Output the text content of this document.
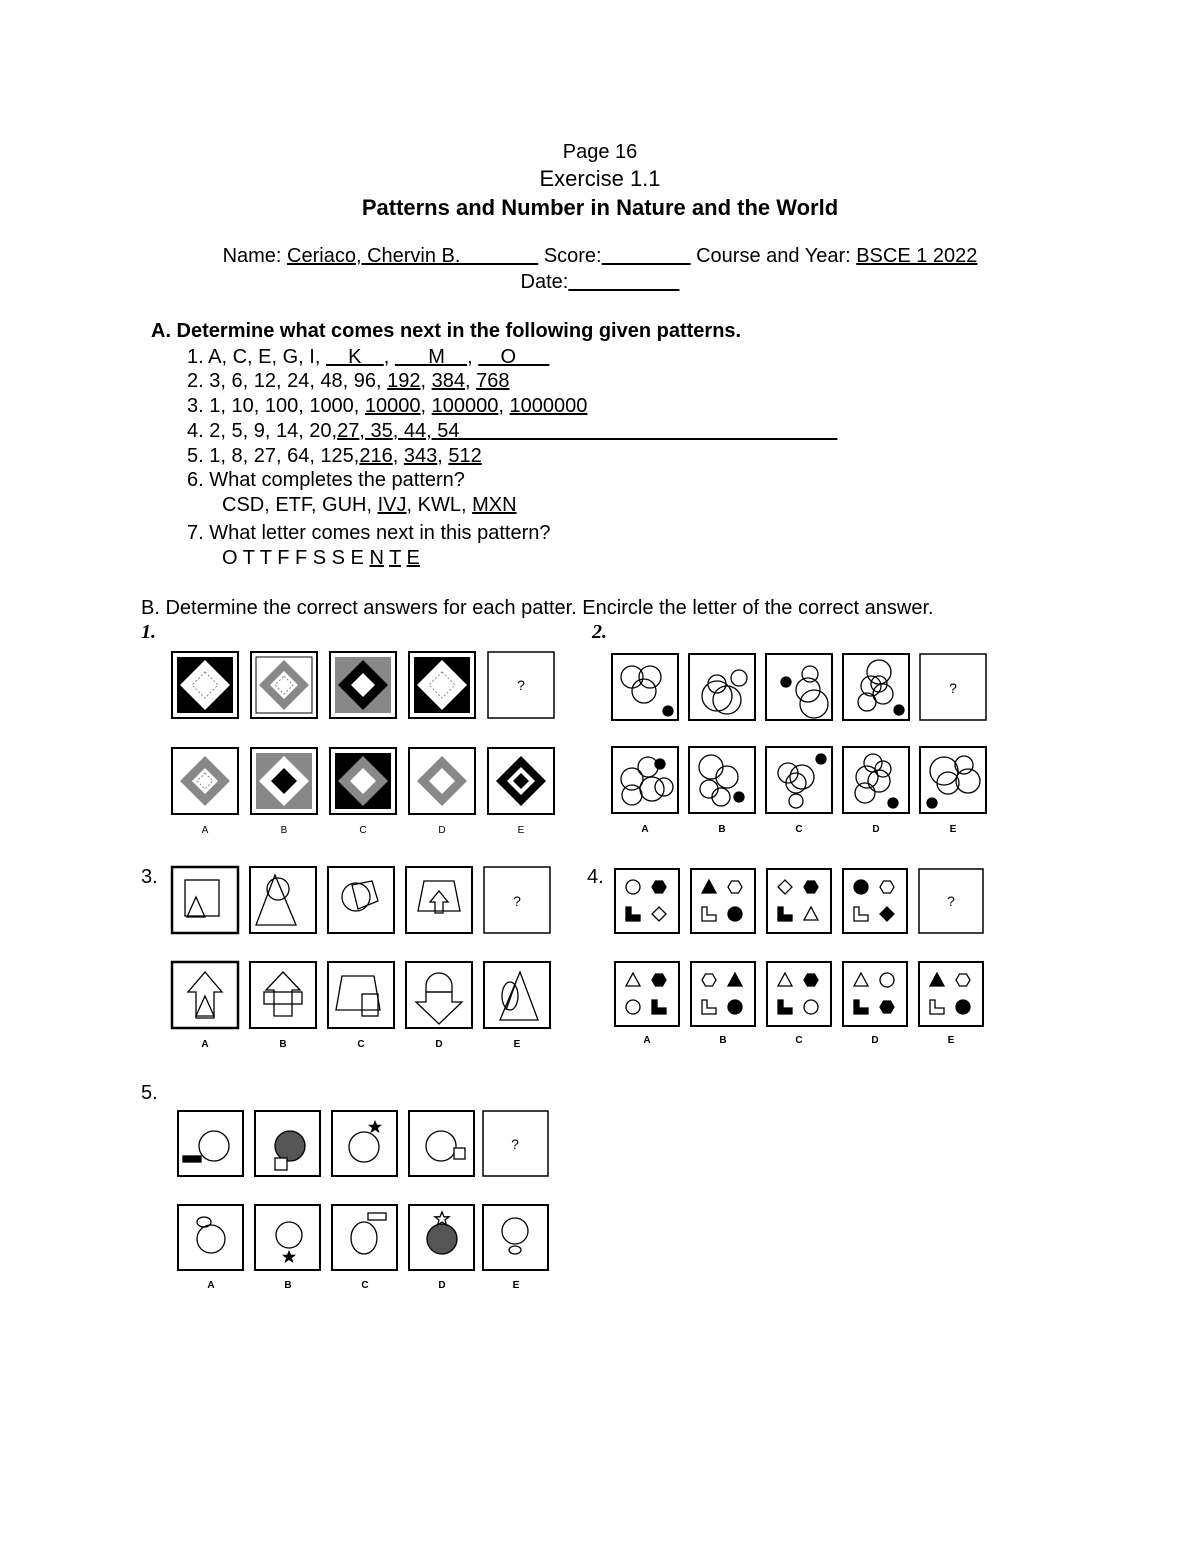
Page 16
Exercise 1.1
Patterns and Number in Nature and the World
Name: Ceriaco, Chervin B.	Score:	Course and Year: BSCE 1 2022
Date:
A. Determine what comes next in the following given patterns.
1. A, C, E, G, I,     K ,       M ,     O
2. 3, 6, 12, 24, 48, 96, 192, 384, 768
3. 1, 10, 100, 1000, 10000, 100000, 1000000
4. 2, 5, 9, 14, 20,27, 35, 44, 54
5. 1, 8, 27, 64, 125,216, 343, 512
6. What completes the pattern?
CSD, ETF, GUH, IVJ, KWL, MXN
7. What letter comes next in this pattern?
O T T F F S S E N T E
B. Determine the correct answers for each patter. Encircle the letter of the correct answer.
1.	2.
3.	4.
5.
?
A	B	C	D	E
?
A	B	C	D	E
?
A	B	C	D	E
?
A	B	C	D	E
?
A	B	C	D	E
